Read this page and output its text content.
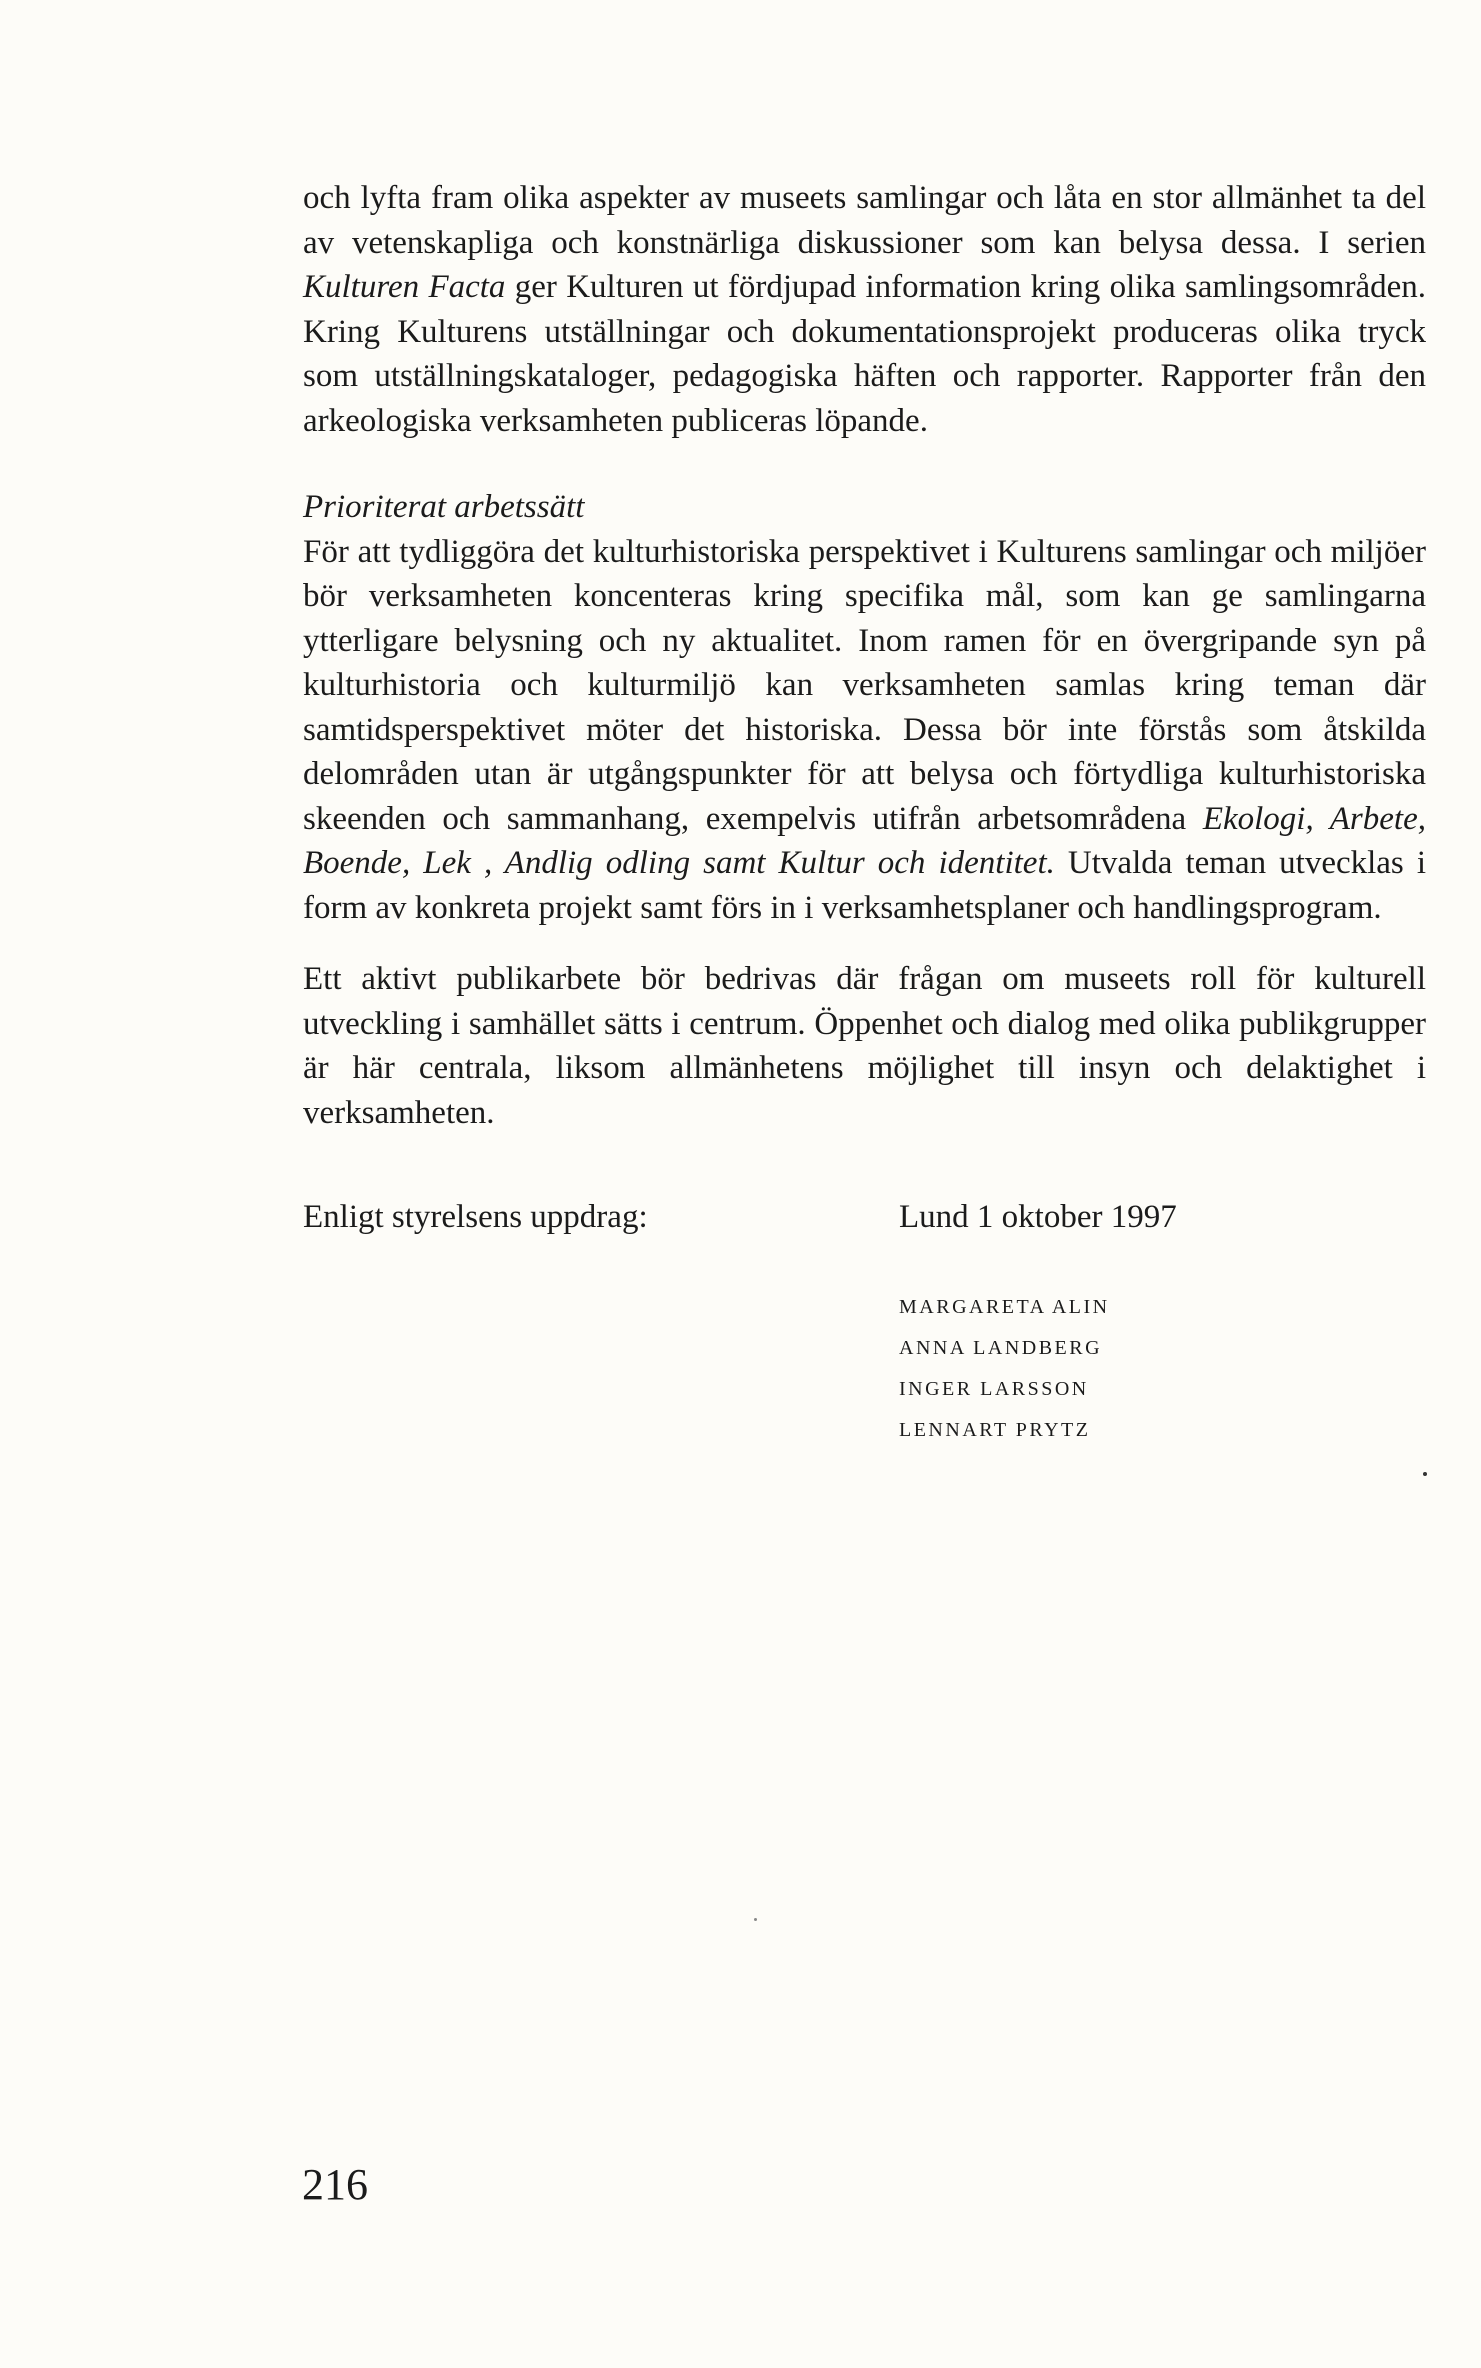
och lyfta fram olika aspekter av museets samlingar och låta en stor allmänhet ta del av vetenskapliga och konstnärliga diskussioner som kan belysa dessa. I serien Kulturen Facta ger Kulturen ut fördjupad information kring olika samlingsområden. Kring Kulturens utställningar och dokumentationsprojekt produceras olika tryck som utställningskataloger, pedagogiska häften och rapporter. Rapporter från den arkeologiska verksamheten publiceras löpande.

Prioriterat arbetssätt

För att tydliggöra det kulturhistoriska perspektivet i Kulturens samlingar och miljöer bör verksamheten koncenteras kring specifika mål, som kan ge samlingarna ytterligare belysning och ny aktualitet. Inom ramen för en övergripande syn på kulturhistoria och kulturmiljö kan verksamheten samlas kring teman där samtidsperspektivet möter det historiska. Dessa bör inte förstås som åtskilda delområden utan är utgångspunkter för att belysa och förtydliga kulturhistoriska skeenden och sammanhang, exempelvis utifrån arbetsområdena Ekologi, Arbete, Boende, Lek , Andlig odling samt Kultur och identitet. Utvalda teman utvecklas i form av konkreta projekt samt förs in i verksamhetsplaner och handlingsprogram.

Ett aktivt publikarbete bör bedrivas där frågan om museets roll för kulturell utveckling i samhället sätts i centrum. Öppenhet och dialog med olika publikgrupper är här centrala, liksom allmänhetens möjlighet till insyn och delaktighet i verksamheten.

Enligt styrelsens uppdrag:	Lund 1 oktober 1997
MARGARETA ALIN
ANNA LANDBERG
INGER LARSSON
LENNART PRYTZ
216
